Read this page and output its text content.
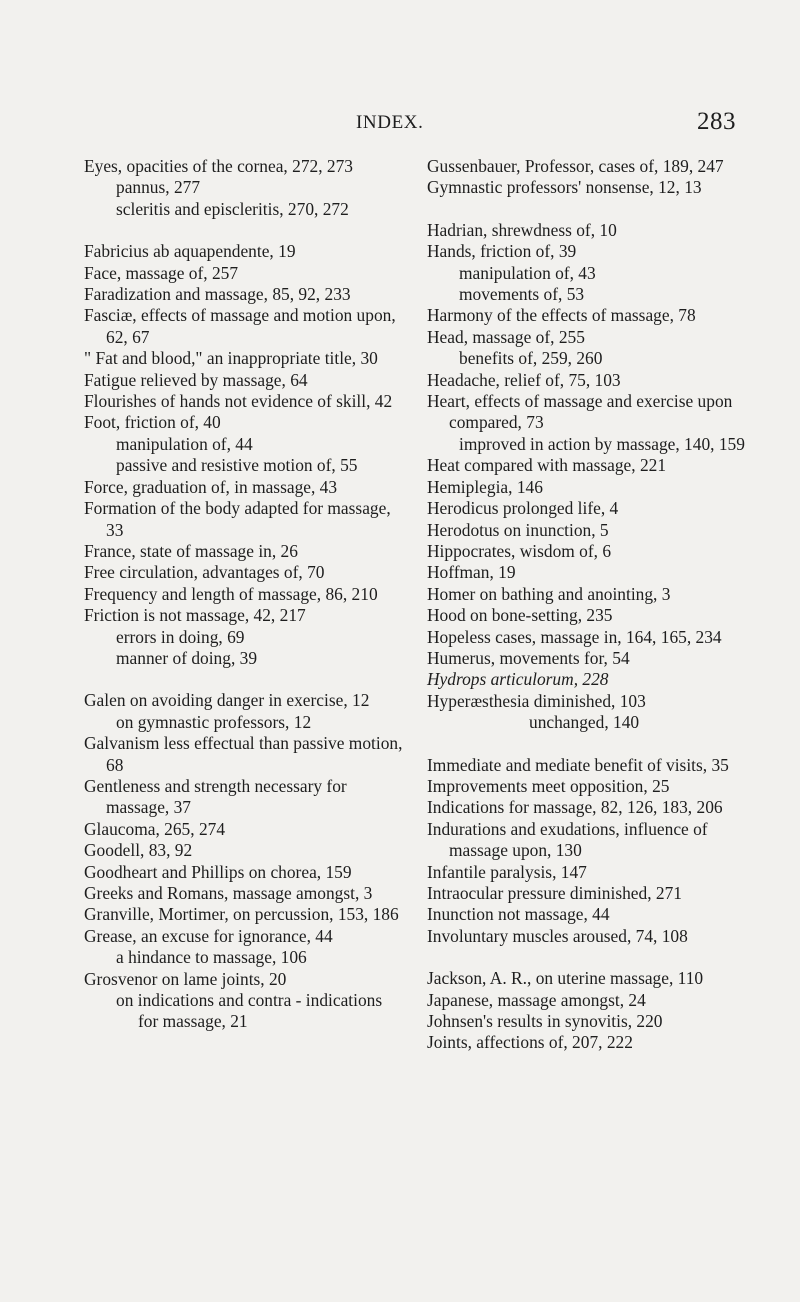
INDEX.	283
Eyes, opacities of the cornea, 272, 273
pannus, 277
scleritis and episcleritis, 270, 272
Fabricius ab aquapendente, 19
Face, massage of, 257
Faradization and massage, 85, 92, 233
Fasciæ, effects of massage and motion upon, 62, 67
" Fat and blood," an inappropriate title, 30
Fatigue relieved by massage, 64
Flourishes of hands not evidence of skill, 42
Foot, friction of, 40
manipulation of, 44
passive and resistive motion of, 55
Force, graduation of, in massage, 43
Formation of the body adapted for massage, 33
France, state of massage in, 26
Free circulation, advantages of, 70
Frequency and length of massage, 86, 210
Friction is not massage, 42, 217
errors in doing, 69
manner of doing, 39
Galen on avoiding danger in exercise, 12
on gymnastic professors, 12
Galvanism less effectual than passive motion, 68
Gentleness and strength necessary for massage, 37
Glaucoma, 265, 274
Goodell, 83, 92
Goodheart and Phillips on chorea, 159
Greeks and Romans, massage amongst, 3
Granville, Mortimer, on percussion, 153, 186
Grease, an excuse for ignorance, 44
a hindance to massage, 106
Grosvenor on lame joints, 20
on indications and contra - indications for massage, 21
Gussenbauer, Professor, cases of, 189, 247
Gymnastic professors' nonsense, 12, 13
Hadrian, shrewdness of, 10
Hands, friction of, 39
manipulation of, 43
movements of, 53
Harmony of the effects of massage, 78
Head, massage of, 255
benefits of, 259, 260
Headache, relief of, 75, 103
Heart, effects of massage and exercise upon compared, 73
improved in action by massage, 140, 159
Heat compared with massage, 221
Hemiplegia, 146
Herodicus prolonged life, 4
Herodotus on inunction, 5
Hippocrates, wisdom of, 6
Hoffman, 19
Homer on bathing and anointing, 3
Hood on bone-setting, 235
Hopeless cases, massage in, 164, 165, 234
Humerus, movements for, 54
Hydrops articulorum, 228
Hyperæsthesia diminished, 103
unchanged, 140
Immediate and mediate benefit of visits, 35
Improvements meet opposition, 25
Indications for massage, 82, 126, 183, 206
Indurations and exudations, influence of massage upon, 130
Infantile paralysis, 147
Intraocular pressure diminished, 271
Inunction not massage, 44
Involuntary muscles aroused, 74, 108
Jackson, A. R., on uterine massage, 110
Japanese, massage amongst, 24
Johnsen's results in synovitis, 220
Joints, affections of, 207, 222
